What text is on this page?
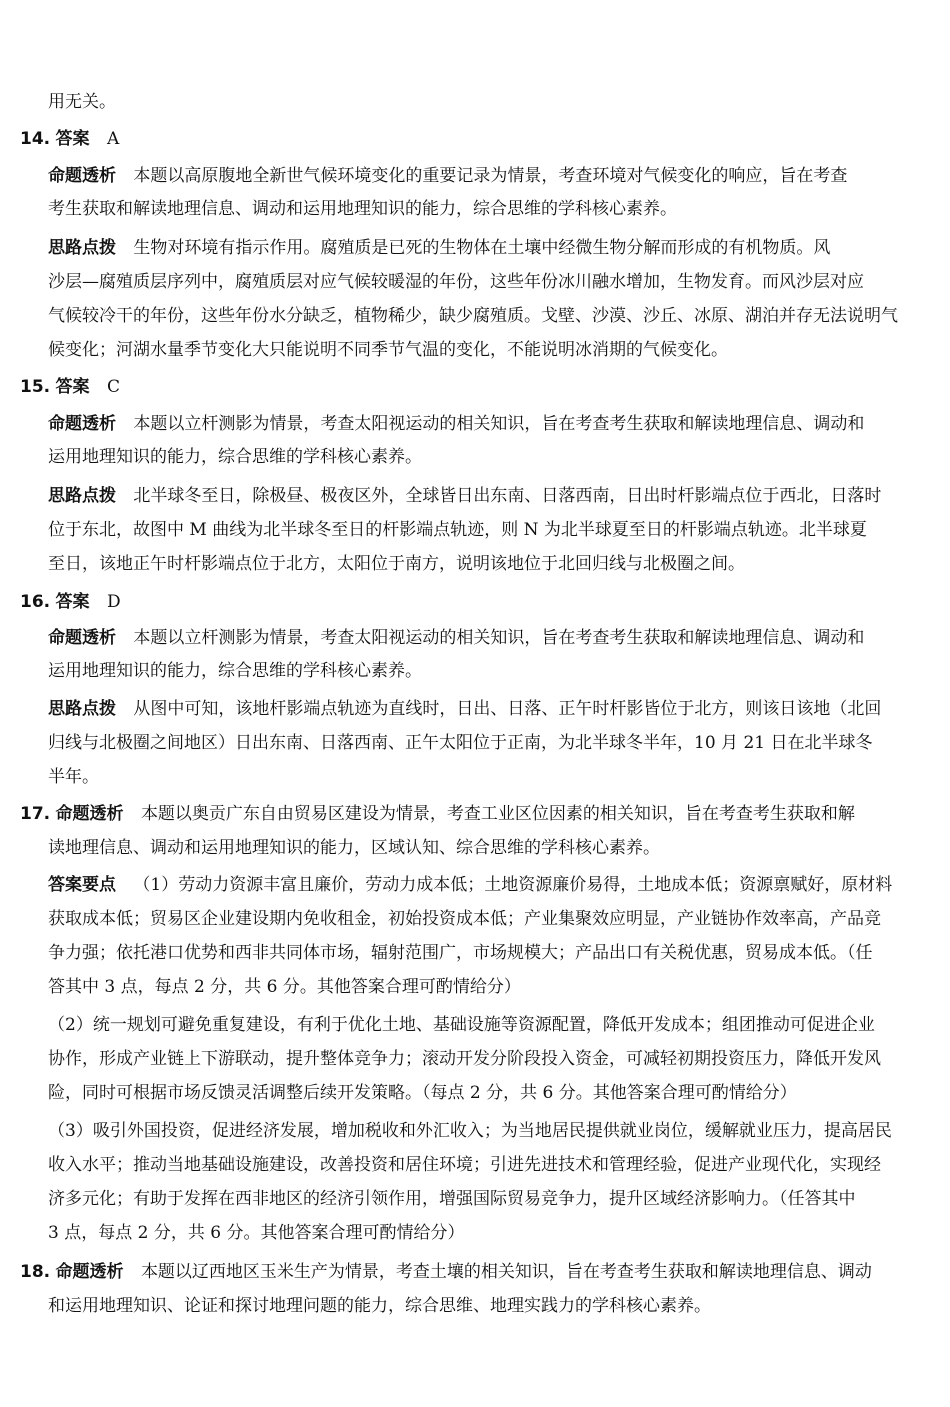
用无关。
14. 答案 A
命题透析 本题以高原腹地全新世气候环境变化的重要记录为情景，考查环境对气候变化的响应，旨在考查
考生获取和解读地理信息、调动和运用地理知识的能力，综合思维的学科核心素养。
思路点拨 生物对环境有指示作用。腐殖质是已死的生物体在土壤中经微生物分解而形成的有机物质。风
沙层—腐殖质层序列中，腐殖质层对应气候较暖湿的年份，这些年份冰川融水增加，生物发育。而风沙层对应
气候较冷干的年份，这些年份水分缺乏，植物稀少，缺少腐殖质。戈壁、沙漠、沙丘、冰原、湖泊并存无法说明气
候变化；河湖水量季节变化大只能说明不同季节气温的变化，不能说明冰消期的气候变化。
15. 答案 C
命题透析 本题以立杆测影为情景，考查太阳视运动的相关知识，旨在考查考生获取和解读地理信息、调动和
运用地理知识的能力，综合思维的学科核心素养。
思路点拨 北半球冬至日，除极昼、极夜区外，全球皆日出东南、日落西南，日出时杆影端点位于西北，日落时
位于东北，故图中 M 曲线为北半球冬至日的杆影端点轨迹，则 N 为北半球夏至日的杆影端点轨迹。北半球夏
至日，该地正午时杆影端点位于北方，太阳位于南方，说明该地位于北回归线与北极圈之间。
16. 答案 D
命题透析 本题以立杆测影为情景，考查太阳视运动的相关知识，旨在考查考生获取和解读地理信息、调动和
运用地理知识的能力，综合思维的学科核心素养。
思路点拨 从图中可知，该地杆影端点轨迹为直线时，日出、日落、正午时杆影皆位于北方，则该日该地（北回
归线与北极圈之间地区）日出东南、日落西南、正午太阳位于正南，为北半球冬半年，10 月 21 日在北半球冬
半年。
17. 命题透析 本题以奥贡广东自由贸易区建设为情景，考查工业区位因素的相关知识，旨在考查考生获取和解
读地理信息、调动和运用地理知识的能力，区域认知、综合思维的学科核心素养。
答案要点 （1）劳动力资源丰富且廉价，劳动力成本低；土地资源廉价易得，土地成本低；资源禀赋好，原材料
获取成本低；贸易区企业建设期内免收租金，初始投资成本低；产业集聚效应明显，产业链协作效率高，产品竞
争力强；依托港口优势和西非共同体市场，辐射范围广，市场规模大；产品出口有关税优惠，贸易成本低。（任
答其中 3 点，每点 2 分，共 6 分。其他答案合理可酌情给分）
（2）统一规划可避免重复建设，有利于优化土地、基础设施等资源配置，降低开发成本；组团推动可促进企业
协作，形成产业链上下游联动，提升整体竞争力；滚动开发分阶段投入资金，可减轻初期投资压力，降低开发风
险，同时可根据市场反馈灵活调整后续开发策略。（每点 2 分，共 6 分。其他答案合理可酌情给分）
（3）吸引外国投资，促进经济发展，增加税收和外汇收入；为当地居民提供就业岗位，缓解就业压力，提高居民
收入水平；推动当地基础设施建设，改善投资和居住环境；引进先进技术和管理经验，促进产业现代化，实现经
济多元化；有助于发挥在西非地区的经济引领作用，增强国际贸易竞争力，提升区域经济影响力。（任答其中
3 点，每点 2 分，共 6 分。其他答案合理可酌情给分）
18. 命题透析 本题以辽西地区玉米生产为情景，考查土壤的相关知识，旨在考查考生获取和解读地理信息、调动
和运用地理知识、论证和探讨地理问题的能力，综合思维、地理实践力的学科核心素养。
